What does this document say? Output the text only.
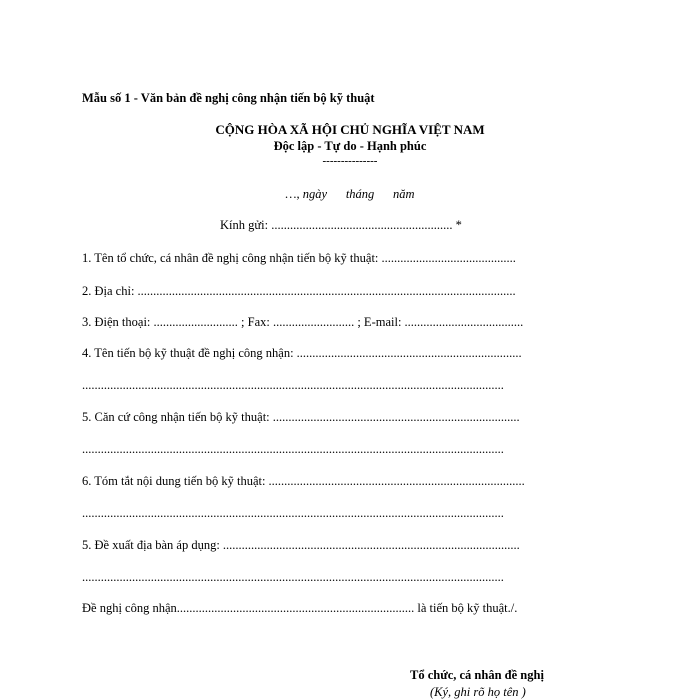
Mẫu số 1 - Văn bản đề nghị công nhận tiến bộ kỹ thuật
CỘNG HÒA XÃ HỘI CHỦ NGHĨA VIỆT NAM
Độc lập - Tự do - Hạnh phúc
---------------
…, ngày      tháng      năm
Kính gửi: .......................................................... *
1. Tên tổ chức, cá nhân đề nghị công nhận tiến bộ kỹ thuật: ...........................................
2. Địa chỉ: .........................................................................................................................
3. Điện thoại: ........................... ; Fax: .......................... ; E-mail: ......................................
4. Tên tiến bộ kỹ thuật đề nghị công nhận: ........................................................................
.......................................................................................................................................
5. Căn cứ công nhận tiến bộ kỹ thuật: ...............................................................................
.......................................................................................................................................
6. Tóm tắt nội dung tiến bộ kỹ thuật: ..................................................................................
.......................................................................................................................................
5. Đề xuất địa bàn áp dụng: ...............................................................................................
.......................................................................................................................................
Đề nghị công nhận............................................................................ là tiến bộ kỹ thuật./.
Tổ chức, cá nhân đề nghị
(Ký, ghi rõ họ tên )
